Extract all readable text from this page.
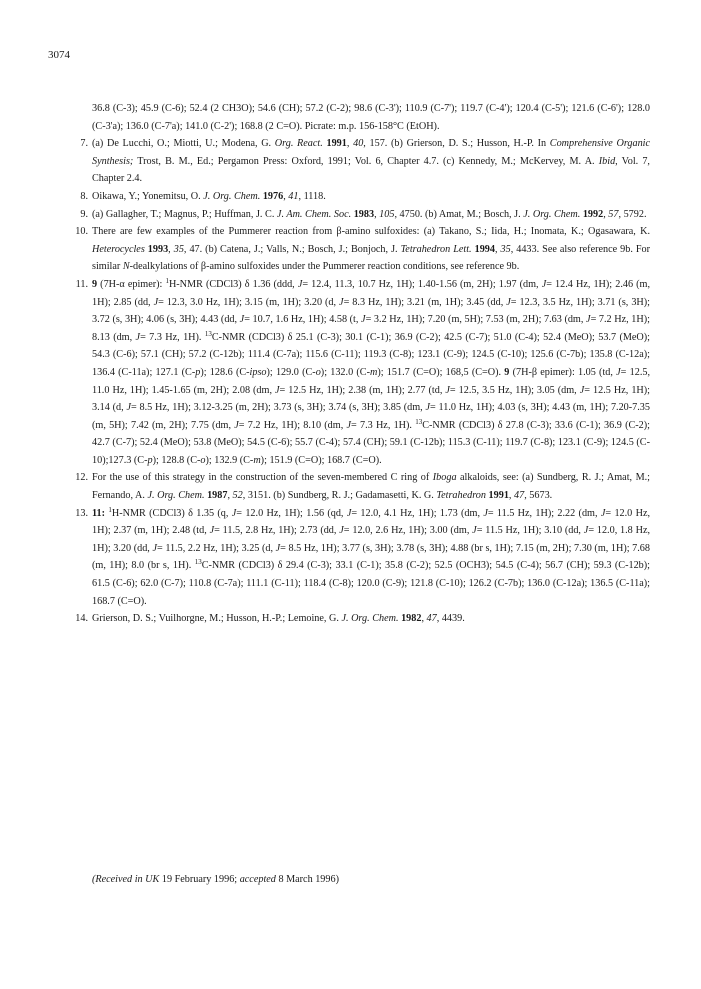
3074
36.8 (C-3); 45.9 (C-6); 52.4 (2 CH3O); 54.6 (CH); 57.2 (C-2); 98.6 (C-3'); 110.9 (C-7'); 119.7 (C-4'); 120.4 (C-5'); 121.6 (C-6'); 128.0 (C-3'a); 136.0 (C-7'a); 141.0 (C-2'); 168.8 (2 C=O). Picrate: m.p. 156-158°C (EtOH).
7. (a) De Lucchi, O.; Miotti, U.; Modena, G. Org. React. 1991, 40, 157. (b) Grierson, D. S.; Husson, H.-P. In Comprehensive Organic Synthesis; Trost, B. M., Ed.; Pergamon Press: Oxford, 1991; Vol. 6, Chapter 4.7. (c) Kennedy, M.; McKervey, M. A. Ibid, Vol. 7, Chapter 2.4.
8. Oikawa, Y.; Yonemitsu, O. J. Org. Chem. 1976, 41, 1118.
9. (a) Gallagher, T.; Magnus, P.; Huffman, J. C. J. Am. Chem. Soc. 1983, 105, 4750. (b) Amat, M.; Bosch, J. J. Org. Chem. 1992, 57, 5792.
10. There are few examples of the Pummerer reaction from β-amino sulfoxides: (a) Takano, S.; Iida, H.; Inomata, K.; Ogasawara, K. Heterocycles 1993, 35, 47. (b) Catena, J.; Valls, N.; Bosch, J.; Bonjoch, J. Tetrahedron Lett. 1994, 35, 4433. See also reference 9b. For similar N-dealkylations of β-amino sulfoxides under the Pummerer reaction conditions, see reference 9b.
11. 9 (7H-α epimer): $^1$H-NMR (CDCl3) δ 1.36 (ddd, J= 12.4, 11.3, 10.7 Hz, 1H); 1.40-1.56 (m, 2H); 1.97 (dm, J= 12.4 Hz, 1H); 2.46 (m, 1H); 2.85 (dd, J= 12.3, 3.0 Hz, 1H); 3.15 (m, 1H); 3.20 (d, J= 8.3 Hz, 1H); 3.21 (m, 1H); 3.45 (dd, J= 12.3, 3.5 Hz, 1H); 3.71 (s, 3H); 3.72 (s, 3H); 4.06 (s, 3H); 4.43 (dd, J= 10.7, 1.6 Hz, 1H); 4.58 (t, J= 3.2 Hz, 1H); 7.20 (m, 5H); 7.53 (m, 2H); 7.63 (dm, J= 7.2 Hz, 1H); 8.13 (dm, J= 7.3 Hz, 1H). $^{13}$C-NMR (CDCl3) δ 25.1 (C-3); 30.1 (C-1); 36.9 (C-2); 42.5 (C-7); 51.0 (C-4); 52.4 (MeO); 53.7 (MeO); 54.3 (C-6); 57.1 (CH); 57.2 (C-12b); 111.4 (C-7a); 115.6 (C-11); 119.3 (C-8); 123.1 (C-9); 124.5 (C-10); 125.6 (C-7b); 135.8 (C-12a); 136.4 (C-11a); 127.1 (C-p); 128.6 (C-ipso); 129.0 (C-o); 132.0 (C-m); 151.7 (C=O); 168,5 (C=O). 9 (7H-β epimer): 1.05 (td, J= 12.5, 11.0 Hz, 1H); 1.45-1.65 (m, 2H); 2.08 (dm, J= 12.5 Hz, 1H); 2.38 (m, 1H); 2.77 (td, J= 12.5, 3.5 Hz, 1H); 3.05 (dm, J= 12.5 Hz, 1H); 3.14 (d, J= 8.5 Hz, 1H); 3.12-3.25 (m, 2H); 3.73 (s, 3H); 3.74 (s, 3H); 3.85 (dm, J= 11.0 Hz, 1H); 4.03 (s, 3H); 4.43 (m, 1H); 7.20-7.35 (m, 5H); 7.42 (m, 2H); 7.75 (dm, J= 7.2 Hz, 1H); 8.10 (dm, J= 7.3 Hz, 1H). $^{13}$C-NMR (CDCl3) δ 27.8 (C-3); 33.6 (C-1); 36.9 (C-2); 42.7 (C-7); 52.4 (MeO); 53.8 (MeO); 54.5 (C-6); 55.7 (C-4); 57.4 (CH); 59.1 (C-12b); 115.3 (C-11); 119.7 (C-8); 123.1 (C-9); 124.5 (C-10);127.3 (C-p); 128.8 (C-o); 132.9 (C-m); 151.9 (C=O); 168.7 (C=O).
12. For the use of this strategy in the construction of the seven-membered C ring of Iboga alkaloids, see: (a) Sundberg, R. J.; Amat, M.; Fernando, A. J. Org. Chem. 1987, 52, 3151. (b) Sundberg, R. J.; Gadamasetti, K. G. Tetrahedron 1991, 47, 5673.
13. 11: $^1$H-NMR (CDCl3) δ 1.35 (q, J= 12.0 Hz, 1H); 1.56 (qd, J= 12.0, 4.1 Hz, 1H); 1.73 (dm, J= 11.5 Hz, 1H); 2.22 (dm, J= 12.0 Hz, 1H); 2.37 (m, 1H); 2.48 (td, J= 11.5, 2.8 Hz, 1H); 2.73 (dd, J= 12.0, 2.6 Hz, 1H); 3.00 (dm, J= 11.5 Hz, 1H); 3.10 (dd, J= 12.0, 1.8 Hz, 1H); 3.20 (dd, J= 11.5, 2.2 Hz, 1H); 3.25 (d, J= 8.5 Hz, 1H); 3.77 (s, 3H); 3.78 (s, 3H); 4.88 (br s, 1H); 7.15 (m, 2H); 7.30 (m, 1H); 7.68 (m, 1H); 8.0 (br s, 1H). $^{13}$C-NMR (CDCl3) δ 29.4 (C-3); 33.1 (C-1); 35.8 (C-2); 52.5 (OCH3); 54.5 (C-4); 56.7 (CH); 59.3 (C-12b); 61.5 (C-6); 62.0 (C-7); 110.8 (C-7a); 111.1 (C-11); 118.4 (C-8); 120.0 (C-9); 121.8 (C-10); 126.2 (C-7b); 136.0 (C-12a); 136.5 (C-11a); 168.7 (C=O).
14. Grierson, D. S.; Vuilhorgne, M.; Husson, H.-P.; Lemoine, G. J. Org. Chem. 1982, 47, 4439.
(Received in UK 19 February 1996; accepted 8 March 1996)
